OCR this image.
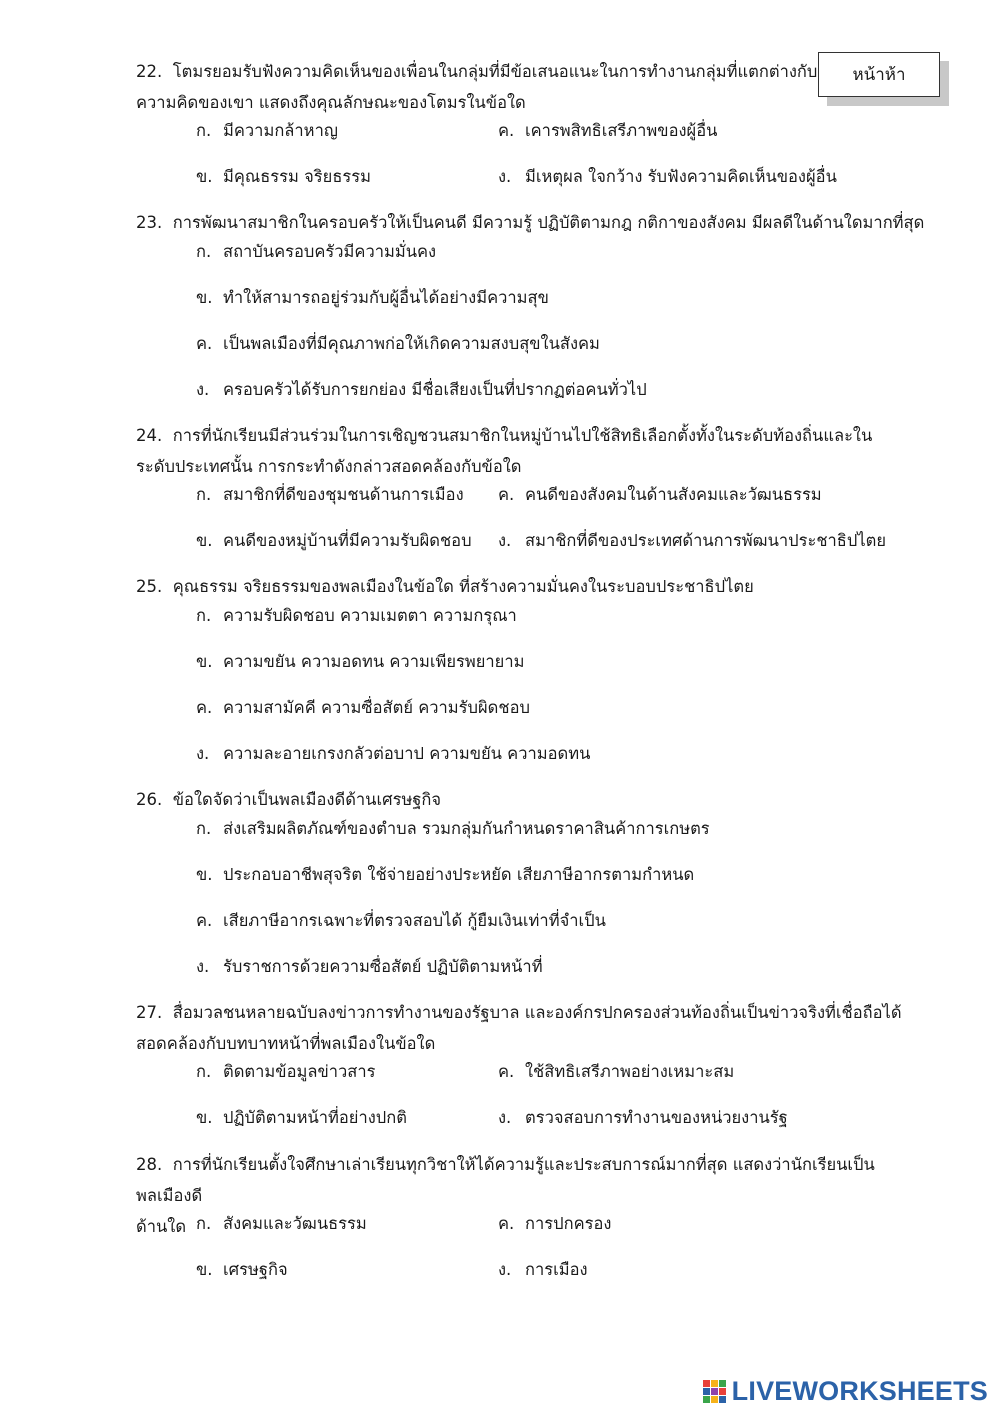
หน้าห้า
22. โตมรยอมรับฟังความคิดเห็นของเพื่อนในกลุ่มที่มีข้อเสนอแนะในการทำงานกลุ่มที่แตกต่างกับ
ความคิดของเขา แสดงถึงคุณลักษณะของโตมรในข้อใด
ก. มีความกล้าหาญ	ค. เคารพสิทธิเสรีภาพของผู้อื่น
ข. มีคุณธรรม จริยธรรม	ง. มีเหตุผล ใจกว้าง รับฟังความคิดเห็นของผู้อื่น
23. การพัฒนาสมาชิกในครอบครัวให้เป็นคนดี มีความรู้ ปฏิบัติตามกฎ กติกาของสังคม มีผลดีในด้านใดมากที่สุด
ก. สถาบันครอบครัวมีความมั่นคง
ข. ทำให้สามารถอยู่ร่วมกับผู้อื่นได้อย่างมีความสุข
ค. เป็นพลเมืองที่มีคุณภาพก่อให้เกิดความสงบสุขในสังคม
ง. ครอบครัวได้รับการยกย่อง มีชื่อเสียงเป็นที่ปรากฏต่อคนทั่วไป
24. การที่นักเรียนมีส่วนร่วมในการเชิญชวนสมาชิกในหมู่บ้านไปใช้สิทธิเลือกตั้งทั้งในระดับท้องถิ่นและใน
ระดับประเทศนั้น การกระทำดังกล่าวสอดคล้องกับข้อใด
ก. สมาชิกที่ดีของชุมชนด้านการเมือง ค. คนดีของสังคมในด้านสังคมและวัฒนธรรม
ข. คนดีของหมู่บ้านที่มีความรับผิดชอบ ง. สมาชิกที่ดีของประเทศด้านการพัฒนาประชาธิปไตย
25. คุณธรรม จริยธรรมของพลเมืองในข้อใด ที่สร้างความมั่นคงในระบอบประชาธิปไตย
ก. ความรับผิดชอบ ความเมตตา ความกรุณา
ข. ความขยัน ความอดทน ความเพียรพยายาม
ค. ความสามัคคี ความซื่อสัตย์ ความรับผิดชอบ
ง. ความละอายเกรงกลัวต่อบาป ความขยัน ความอดทน
26. ข้อใดจัดว่าเป็นพลเมืองดีด้านเศรษฐกิจ
ก. ส่งเสริมผลิตภัณฑ์ของตำบล รวมกลุ่มกันกำหนดราคาสินค้าการเกษตร
ข. ประกอบอาชีพสุจริต ใช้จ่ายอย่างประหยัด เสียภาษีอากรตามกำหนด
ค. เสียภาษีอากรเฉพาะที่ตรวจสอบได้ กู้ยืมเงินเท่าที่จำเป็น
ง. รับราชการด้วยความซื่อสัตย์ ปฏิบัติตามหน้าที่
27. สื่อมวลชนหลายฉบับลงข่าวการทำงานของรัฐบาล และองค์กรปกครองส่วนท้องถิ่นเป็นข่าวจริงที่เชื่อถือได้
สอดคล้องกับบทบาทหน้าที่พลเมืองในข้อใด
ก. ติดตามข้อมูลข่าวสาร	ค. ใช้สิทธิเสรีภาพอย่างเหมาะสม
ข. ปฏิบัติตามหน้าที่อย่างปกติ	ง. ตรวจสอบการทำงานของหน่วยงานรัฐ
28. การที่นักเรียนตั้งใจศึกษาเล่าเรียนทุกวิชาให้ได้ความรู้และประสบการณ์มากที่สุด แสดงว่านักเรียนเป็นพลเมืองดี
ด้านใด ก. สังคมและวัฒนธรรม	ค. การปกครอง
ข. เศรษฐกิจ	ง. การเมือง
LIVEWORKSHEETS
